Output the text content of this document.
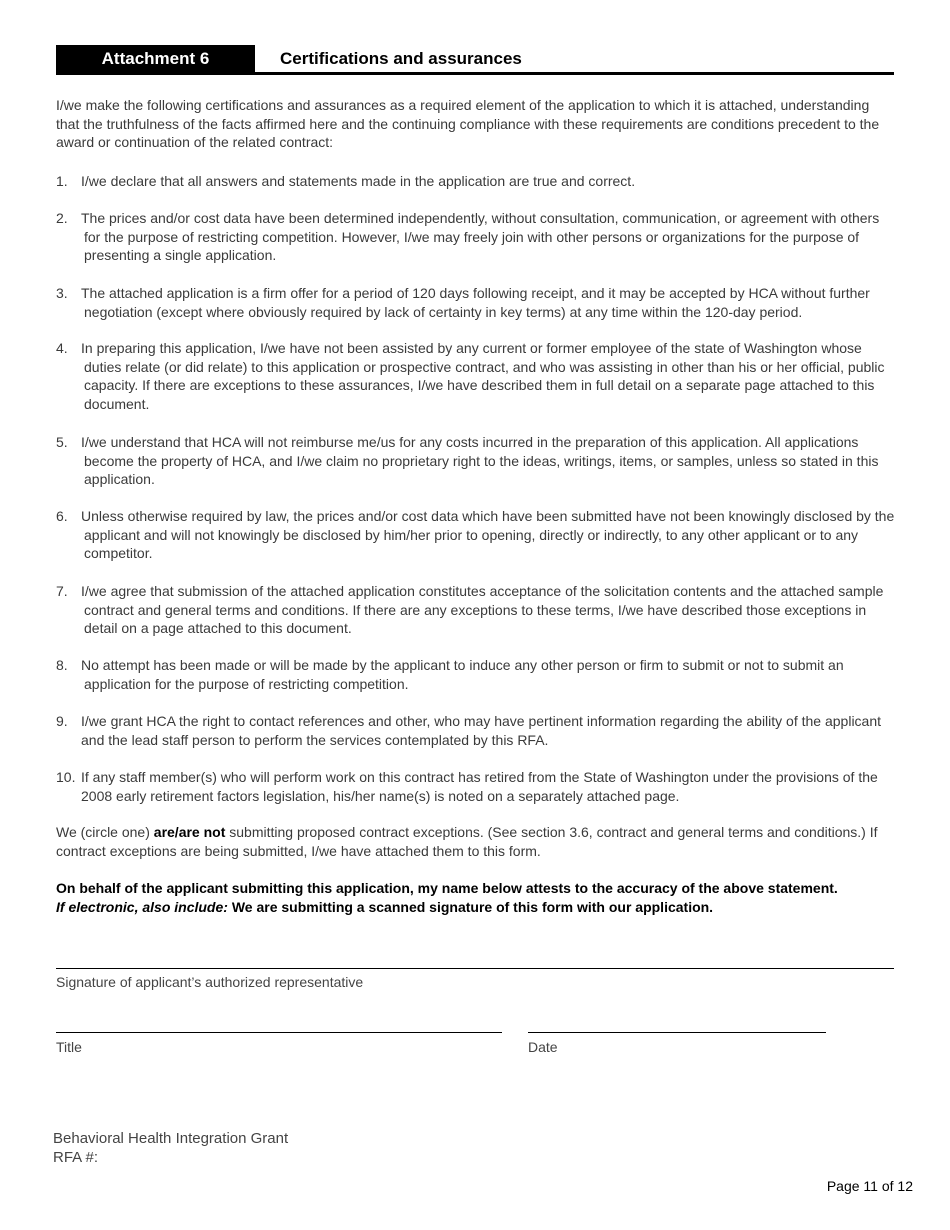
Attachment 6	Certifications and assurances
I/we make the following certifications and assurances as a required element of the application to which it is attached, understanding that the truthfulness of the facts affirmed here and the continuing compliance with these requirements are conditions precedent to the award or continuation of the related contract:
1. I/we declare that all answers and statements made in the application are true and correct.
2. The prices and/or cost data have been determined independently, without consultation, communication, or agreement with others for the purpose of restricting competition. However, I/we may freely join with other persons or organizations for the purpose of presenting a single application.
3. The attached application is a firm offer for a period of 120 days following receipt, and it may be accepted by HCA without further negotiation (except where obviously required by lack of certainty in key terms) at any time within the 120-day period.
4. In preparing this application, I/we have not been assisted by any current or former employee of the state of Washington whose duties relate (or did relate) to this application or prospective contract, and who was assisting in other than his or her official, public capacity. If there are exceptions to these assurances, I/we have described them in full detail on a separate page attached to this document.
5. I/we understand that HCA will not reimburse me/us for any costs incurred in the preparation of this application. All applications become the property of HCA, and I/we claim no proprietary right to the ideas, writings, items, or samples, unless so stated in this application.
6. Unless otherwise required by law, the prices and/or cost data which have been submitted have not been knowingly disclosed by the applicant and will not knowingly be disclosed by him/her prior to opening, directly or indirectly, to any other applicant or to any competitor.
7. I/we agree that submission of the attached application constitutes acceptance of the solicitation contents and the attached sample contract and general terms and conditions. If there are any exceptions to these terms, I/we have described those exceptions in detail on a page attached to this document.
8. No attempt has been made or will be made by the applicant to induce any other person or firm to submit or not to submit an application for the purpose of restricting competition.
9. I/we grant HCA the right to contact references and other, who may have pertinent information regarding the ability of the applicant and the lead staff person to perform the services contemplated by this RFA.
10. If any staff member(s) who will perform work on this contract has retired from the State of Washington under the provisions of the 2008 early retirement factors legislation, his/her name(s) is noted on a separately attached page.
We (circle one) are/are not submitting proposed contract exceptions. (See section 3.6, contract and general terms and conditions.) If contract exceptions are being submitted, I/we have attached them to this form.
On behalf of the applicant submitting this application, my name below attests to the accuracy of the above statement.
If electronic, also include: We are submitting a scanned signature of this form with our application.
Signature of applicant’s authorized representative
Title	Date
Behavioral Health Integration Grant
RFA #:
Page 11 of 12
